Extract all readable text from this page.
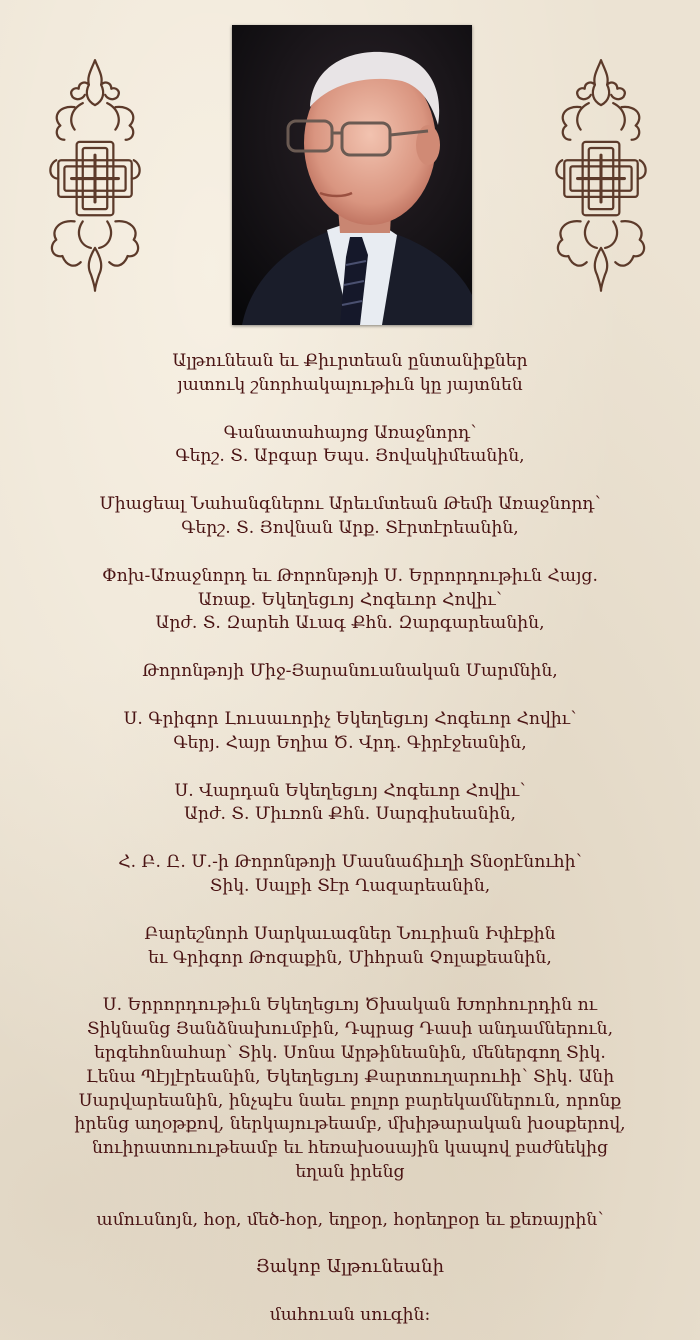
Ալթունեան եւ Քիւրտեան ընտանիքներ
յատուկ շնորհակալութիւն կը յայտնեն
Գանատահայոց Առաջնորդ՝
Գերշ. Տ. Աբգար Եպս. Յովակիմեանին,
Միացեալ Նահանգներու Արեւմտեան Թեմի Առաջնորդ՝
Գերշ. Տ. Յովնան Արք. Տէրտէրեանին,
Փոխ-Առաջնորդ եւ Թորոնթոյի Ս. Երրորդութիւն Հայց.
Առաք. Եկեղեցւոյ Հոգեւոր Հովիւ՝
Արժ. Տ. Զարեհ Աւագ Քհն. Զարգարեանին,
Թորոնթոյի Միջ-Յարանուանական Մարմնին,
Ս. Գրիգոր Լուսաւորիչ Եկեղեցւոյ Հոգեւոր Հովիւ՝
Գերյ. Հայր Եղիա Ծ. Վրդ. Գիրէջեանին,
Ս. Վարդան Եկեղեցւոյ Հոգեւոր Հովիւ՝
Արժ. Տ. Միւռոն Քհն. Սարգիսեանին,
Հ. Բ. Ը. Մ.-ի Թորոնթոյի Մասնաճիւղի Տնօրէնուհի՝
Տիկ. Սալբի Տէր Ղազարեանին,
Բարեշնորհ Սարկաւագներ Նուրիան Իփէքին
եւ Գրիգոր Թոզաքին, Միհրան Չոլաքեանին,
Ս. Երրորդութիւն Եկեղեցւոյ Ծխական Խորհուրդին ու
Տիկնանց Յանձնախումբին, Դպրաց Դասի անդամներուն,
երգեհոնահար՝ Տիկ. Սոնա Արթինեանին, մեներգող Տիկ.
Լենա Պէյլէրեանին, Եկեղեցւոյ Քարտուղարուհի՝ Տիկ. Անի
Սարվարեանին, ինչպէս նաեւ բոլոր բարեկամներուն, որոնք
իրենց աղօթքով, ներկայութեամբ, մխիթարական խօսքերով,
նուիրատուութեամբ եւ հեռախօսային կապով բաժնեկից
եղան իրենց
ամուսնոյն, հօր, մեծ-հօր, եղբօր, հօրեղբօր եւ քեռայրին՝
Յակոբ Ալթունեանի
մահուան սուգին:
